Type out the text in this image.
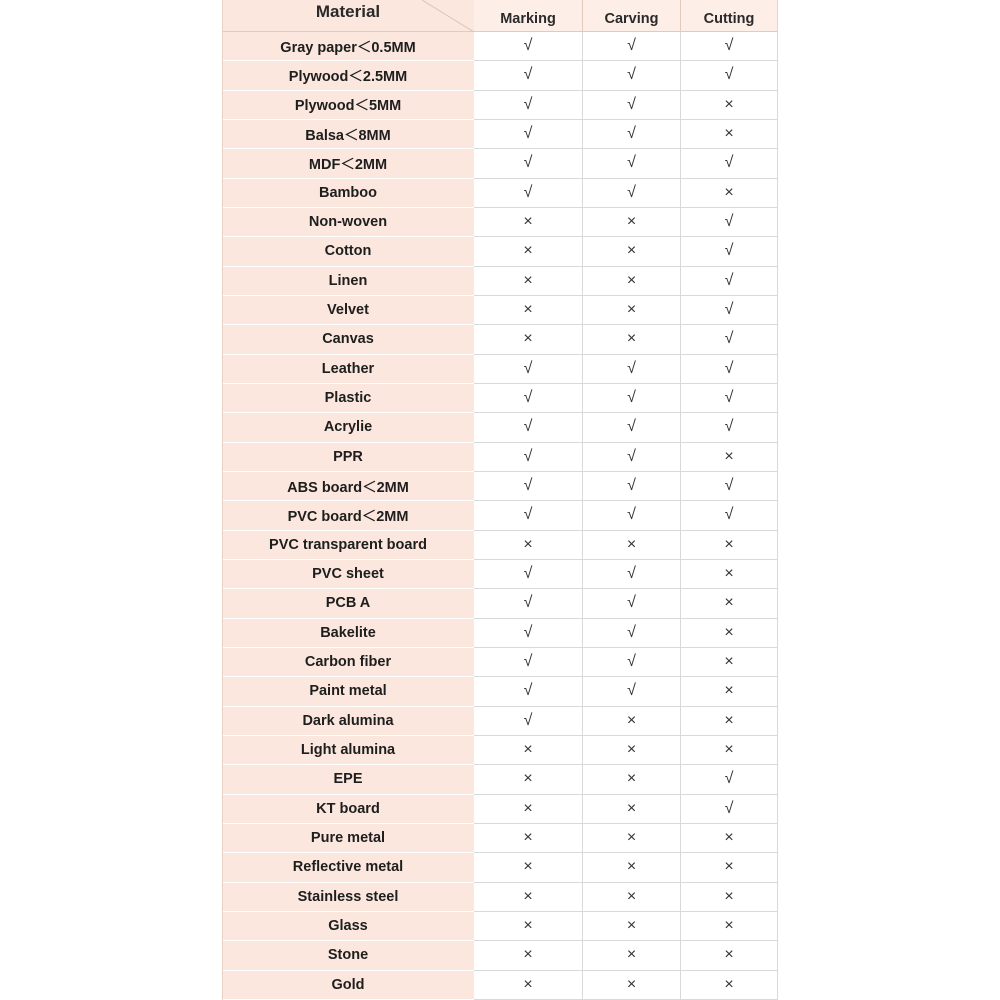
Material	Marking	Carving	Cutting
Gray paper＜0.5MM	√	√	√
Plywood＜2.5MM	√	√	√
Plywood＜5MM	√	√	×
Balsa＜8MM	√	√	×
MDF＜2MM	√	√	√
Bamboo	√	√	×
Non-woven	×	×	√
Cotton	×	×	√
Linen	×	×	√
Velvet	×	×	√
Canvas	×	×	√
Leather	√	√	√
Plastic	√	√	√
Acrylie	√	√	√
PPR	√	√	×
ABS board＜2MM	√	√	√
PVC board＜2MM	√	√	√
PVC transparent board	×	×	×
PVC sheet	√	√	×
PCB A	√	√	×
Bakelite	√	√	×
Carbon fiber	√	√	×
Paint metal	√	√	×
Dark alumina	√	×	×
Light alumina	×	×	×
EPE	×	×	√
KT board	×	×	√
Pure metal	×	×	×
Reflective metal	×	×	×
Stainless steel	×	×	×
Glass	×	×	×
Stone	×	×	×
Gold	×	×	×
